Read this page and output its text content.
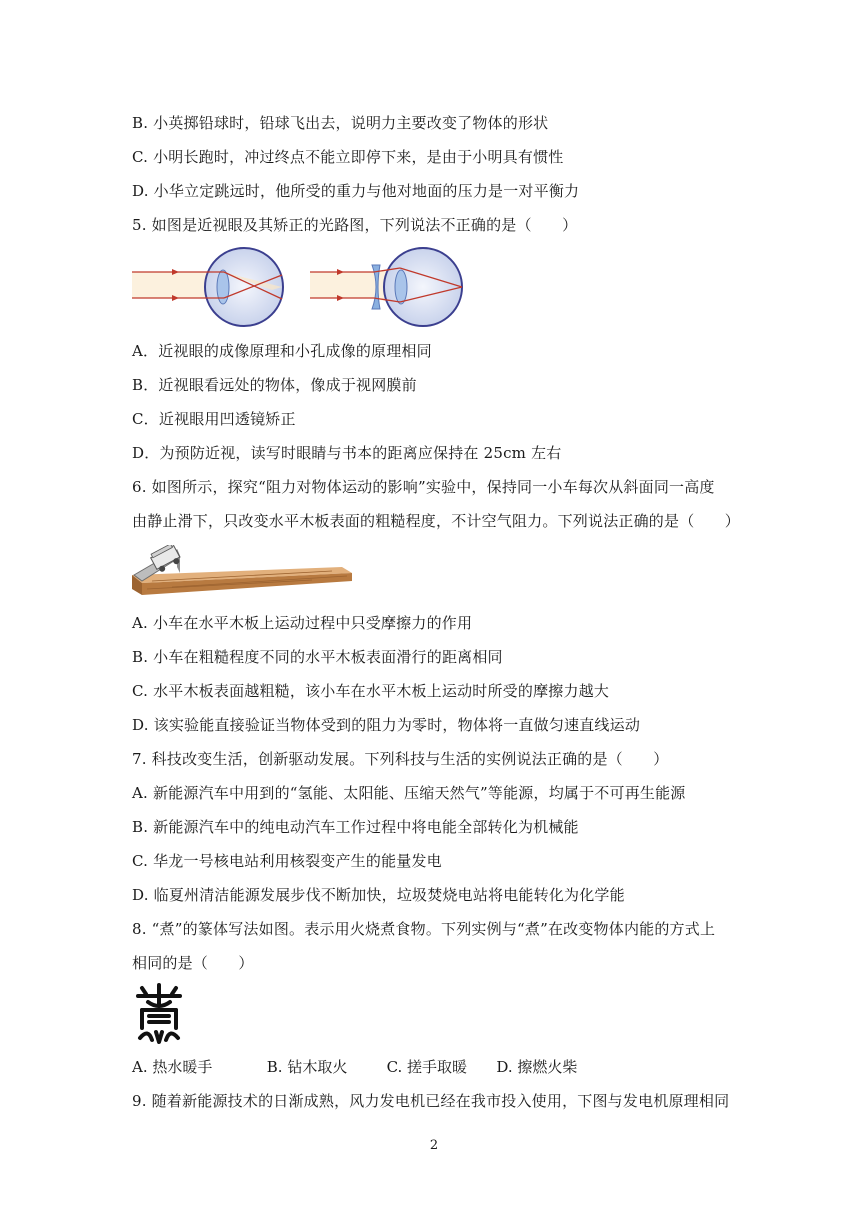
B. 小英掷铅球时，铅球飞出去，说明力主要改变了物体的形状
C. 小明长跑时，冲过终点不能立即停下来，是由于小明具有惯性
D. 小华立定跳远时，他所受的重力与他对地面的压力是一对平衡力
5. 如图是近视眼及其矫正的光路图，下列说法不正确的是（　　）
A．近视眼的成像原理和小孔成像的原理相同
B．近视眼看远处的物体，像成于视网膜前
C．近视眼用凹透镜矫正
D．为预防近视，读写时眼睛与书本的距离应保持在 25cm 左右
6. 如图所示，探究“阻力对物体运动的影响”实验中，保持同一小车每次从斜面同一高度
由静止滑下，只改变水平木板表面的粗糙程度，不计空气阻力。下列说法正确的是（　　）
A. 小车在水平木板上运动过程中只受摩擦力的作用
B. 小车在粗糙程度不同的水平木板表面滑行的距离相同
C. 水平木板表面越粗糙，该小车在水平木板上运动时所受的摩擦力越大
D. 该实验能直接验证当物体受到的阻力为零时，物体将一直做匀速直线运动
7. 科技改变生活，创新驱动发展。下列科技与生活的实例说法正确的是（　　）
A. 新能源汽车中用到的“氢能、太阳能、压缩天然气”等能源，均属于不可再生能源
B. 新能源汽车中的纯电动汽车工作过程中将电能全部转化为机械能
C. 华龙一号核电站利用核裂变产生的能量发电
D. 临夏州清洁能源发展步伐不断加快，垃圾焚烧电站将电能转化为化学能
8. “煮”的篆体写法如图。表示用火烧煮食物。下列实例与“煮”在改变物体内能的方式上
相同的是（　　）
A. 热水暖手	B. 钻木取火	C. 搓手取暖 D. 擦燃火柴
9. 随着新能源技术的日渐成熟，风力发电机已经在我市投入使用，下图与发电机原理相同
2
